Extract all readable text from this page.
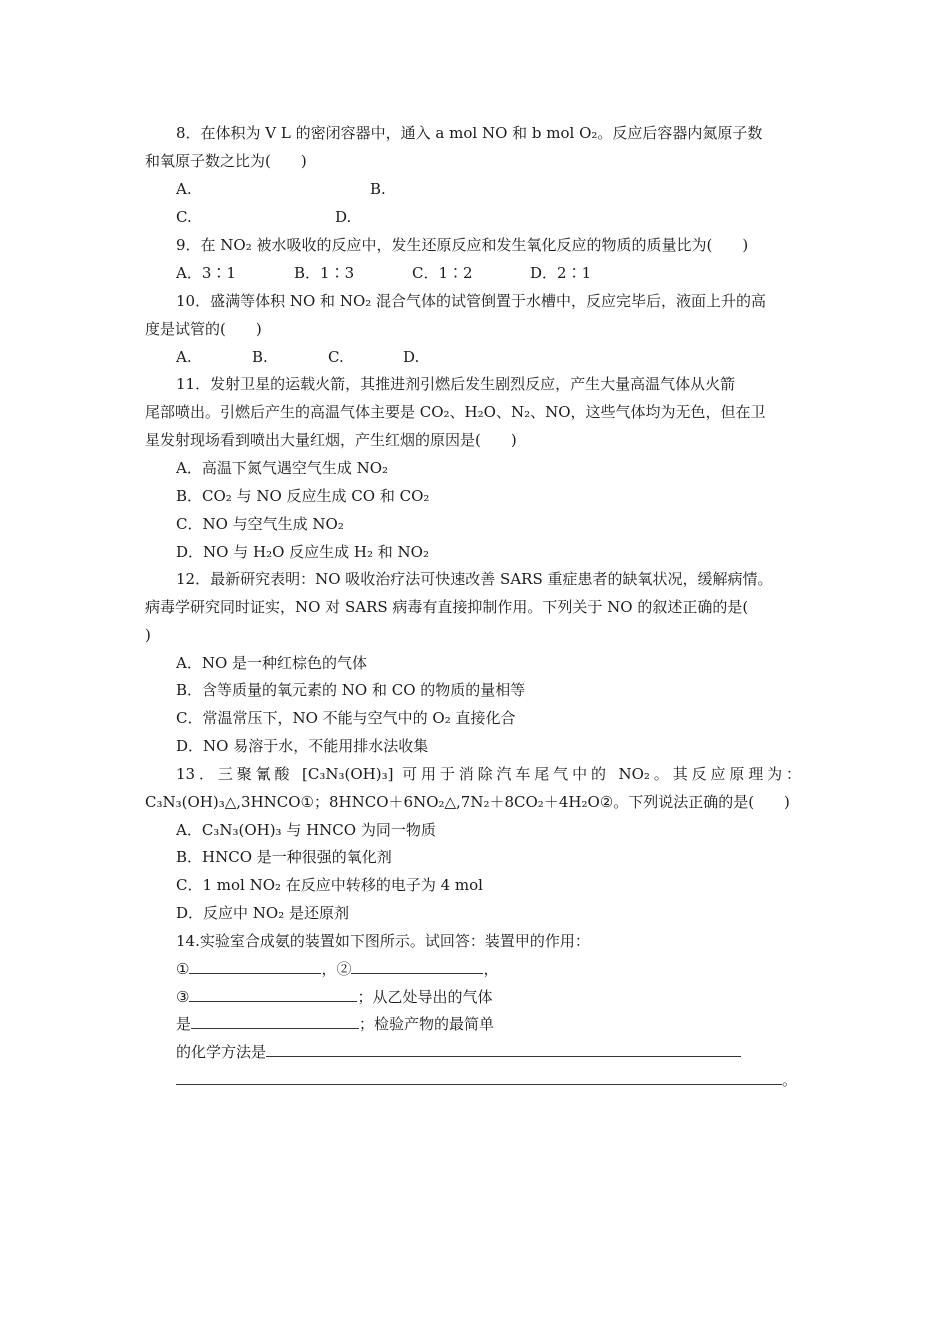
8．在体积为 V L 的密闭容器中，通入 a mol NO 和 b mol O₂。反应后容器内氮原子数
和氧原子数之比为(　　)
A.	B.
C.	D.
9．在 NO₂ 被水吸收的反应中，发生还原反应和发生氧化反应的物质的质量比为(　　)
A．3∶1	B．1∶3	C．1∶2	D．2∶1
10．盛满等体积 NO 和 NO₂ 混合气体的试管倒置于水槽中，反应完毕后，液面上升的高
度是试管的(　　)
A.	B.	C.	D.
11．发射卫星的运载火箭，其推进剂引燃后发生剧烈反应，产生大量高温气体从火箭
尾部喷出。引燃后产生的高温气体主要是 CO₂、H₂O、N₂、NO，这些气体均为无色，但在卫
星发射现场看到喷出大量红烟，产生红烟的原因是(　　)
A．高温下氮气遇空气生成 NO₂
B．CO₂ 与 NO 反应生成 CO 和 CO₂
C．NO 与空气生成 NO₂
D．NO 与 H₂O 反应生成 H₂ 和 NO₂
12．最新研究表明：NO 吸收治疗法可快速改善 SARS 重症患者的缺氧状况，缓解病情。
病毒学研究同时证实，NO 对 SARS 病毒有直接抑制作用。下列关于 NO 的叙述正确的是(
)
A．NO 是一种红棕色的气体
B．含等质量的氧元素的 NO 和 CO 的物质的量相等
C．常温常压下，NO 不能与空气中的 O₂ 直接化合
D．NO 易溶于水，不能用排水法收集
13．三聚氰酸 [C₃N₃(OH)₃] 可用于消除汽车尾气中的 NO₂。其反应原理为：
C₃N₃(OH)₃△,3HNCO①；8HNCO＋6NO₂△,7N₂＋8CO₂＋4H₂O②。下列说法正确的是(　　)
A．C₃N₃(OH)₃ 与 HNCO 为同一物质
B．HNCO 是一种很强的氧化剂
C．1 mol NO₂ 在反应中转移的电子为 4 mol
D．反应中 NO₂ 是还原剂
14.实验室合成氨的装置如下图所示。试回答：装置甲的作用：
①	，②	，
③	；从乙处导出的气体
是	；检验产物的最简单
的化学方法是
。
